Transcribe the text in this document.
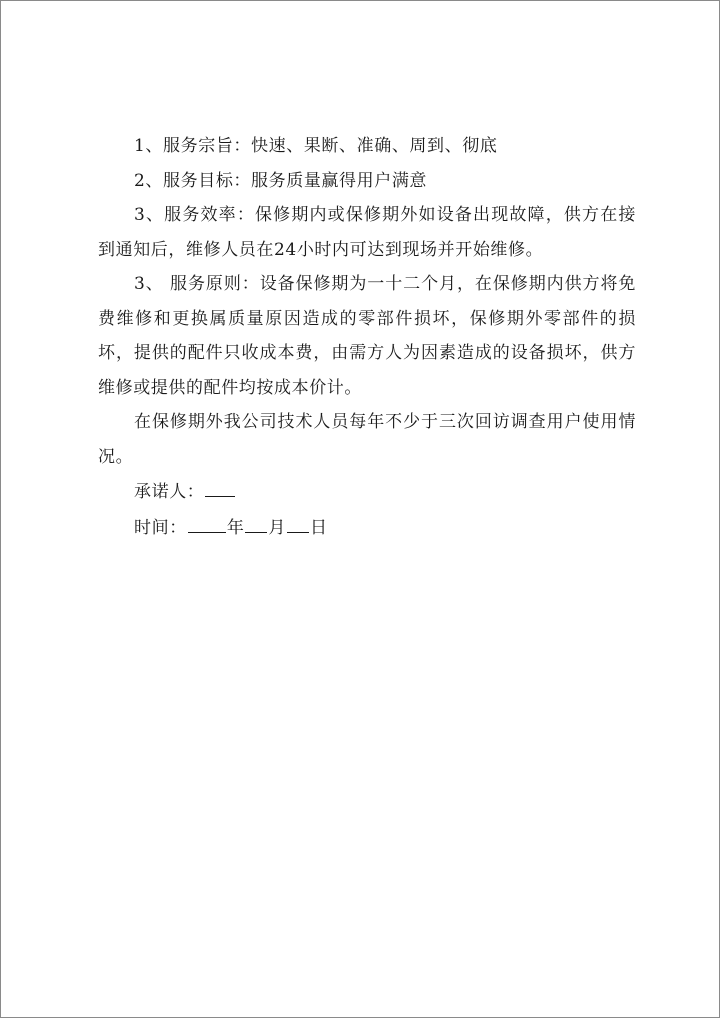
1、服务宗旨：快速、果断、准确、周到、彻底

2、服务目标：服务质量赢得用户满意

3、服务效率：保修期内或保修期外如设备出现故障，供方在接到通知后，维修人员在24小时内可达到现场并开始维修。

3、 服务原则：设备保修期为一十二个月，在保修期内供方将免费维修和更换属质量原因造成的零部件损坏，保修期外零部件的损坏，提供的配件只收成本费，由需方人为因素造成的设备损坏，供方维修或提供的配件均按成本价计。

在保修期外我公司技术人员每年不少于三次回访调查用户使用情况。

承诺人：

时间： 年 月 日
